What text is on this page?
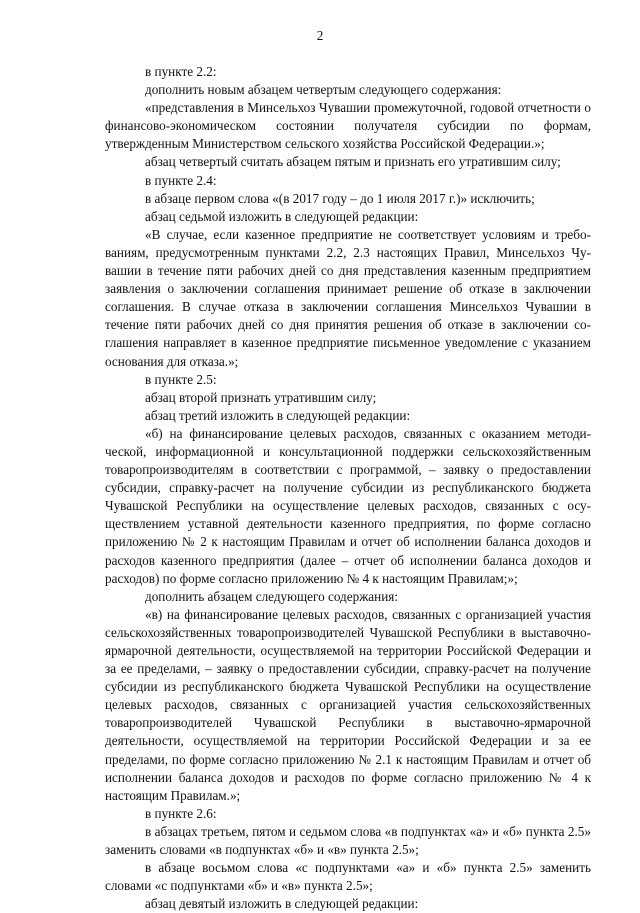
2

в пункте 2.2:

дополнить новым абзацем четвертым следующего содержания:

«представления в Минсельхоз Чувашии промежуточной, годовой отчетности о финансово-экономическом состоянии получателя субсидии по формам, утвержденным Министерством сельского хозяйства Российской Федерации.»;

абзац четвертый считать абзацем пятым и признать его утратившим силу;

в пункте 2.4:

в абзаце первом слова «(в 2017 году – до 1 июля 2017 г.)» исключить;

абзац седьмой изложить в следующей редакции:

«В случае, если казенное предприятие не соответствует условиям и требованиям, предусмотренным пунктами 2.2, 2.3 настоящих Правил, Минсельхоз Чувашии в течение пяти рабочих дней со дня представления казенным предприятием заявления о заключении соглашения принимает решение об отказе в заключении соглашения. В случае отказа в заключении соглашения Минсельхоз Чувашии в течение пяти рабочих дней со дня принятия решения об отказе в заключении соглашения направляет в казенное предприятие письменное уведомление с указанием основания для отказа.»;

в пункте 2.5:

абзац второй признать утратившим силу;

абзац третий изложить в следующей редакции:

«б) на финансирование целевых расходов, связанных с оказанием методической, информационной и консультационной поддержки сельскохозяйственным товаропроизводителям в соответствии с программой, – заявку о предоставлении субсидии, справку-расчет на получение субсидии из республиканского бюджета Чувашской Республики на осуществление целевых расходов, связанных с осуществлением уставной деятельности казенного предприятия, по форме согласно приложению № 2 к настоящим Правилам и отчет об исполнении баланса доходов и расходов казенного предприятия (далее – отчет об исполнении баланса доходов и расходов) по форме согласно приложению № 4 к настоящим Правилам;»;

дополнить абзацем следующего содержания:

«в) на финансирование целевых расходов, связанных с организацией участия сельскохозяйственных товаропроизводителей Чувашской Республики в выставочно-ярмарочной деятельности, осуществляемой на территории Российской Федерации и за ее пределами, – заявку о предоставлении субсидии, справку-расчет на получение субсидии из республиканского бюджета Чувашской Республики на осуществление целевых расходов, связанных с организацией участия сельскохозяйственных товаропроизводителей Чувашской Республики в выставочно-ярмарочной деятельности, осуществляемой на территории Российской Федерации и за ее пределами, по форме согласно приложению № 2.1 к настоящим Правилам и отчет об исполнении баланса доходов и расходов по форме согласно приложению № 4 к настоящим Правилам.»;

в пункте 2.6:

в абзацах третьем, пятом и седьмом слова «в подпунктах «а» и «б» пункта 2.5» заменить словами «в подпунктах «б» и «в» пункта 2.5»;

в абзаце восьмом слова «с подпунктами «а» и «б» пункта 2.5» заменить словами «с подпунктами «б» и «в» пункта 2.5»;

абзац девятый изложить в следующей редакции:
